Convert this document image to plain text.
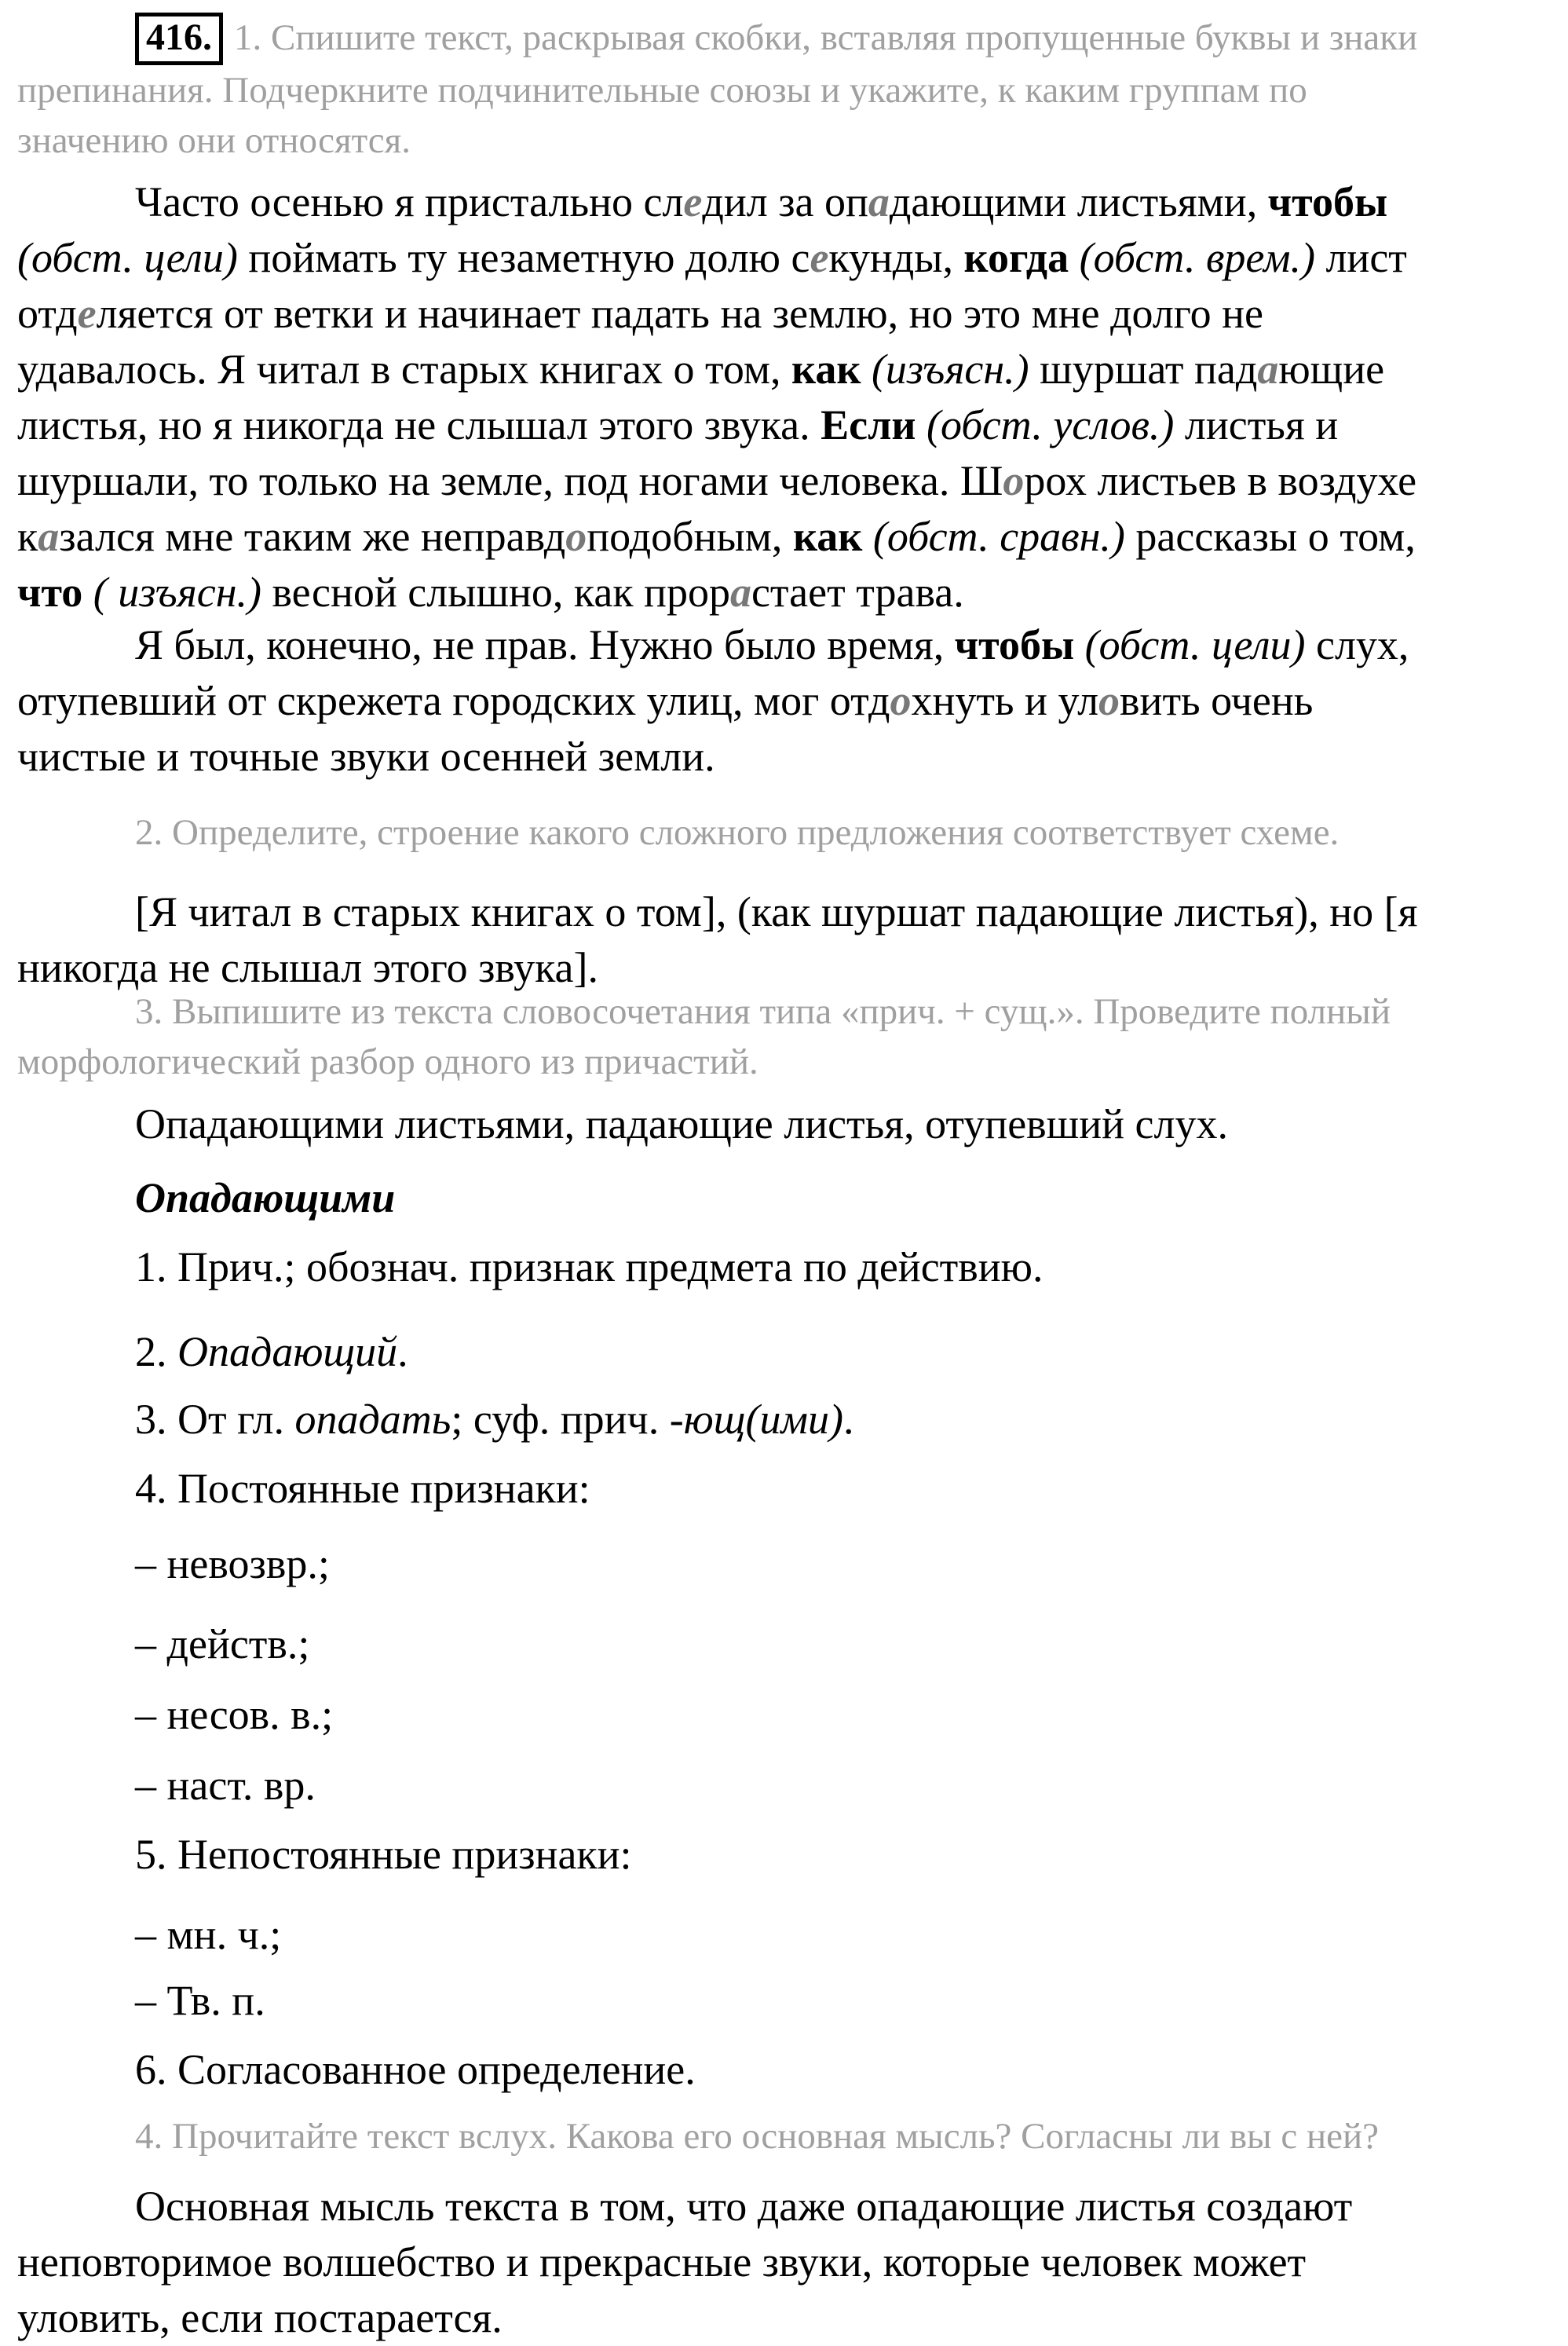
416. 1. Спишите текст, раскрывая скобки, вставляя пропущенные буквы и знаки
препинания. Подчеркните подчинительные союзы и укажите, к каким группам по
значению они относятся.
Часто осенью я пристально следил за опадающими листьями, чтобы
(обст. цели) поймать ту незаметную долю секунды, когда (обст. врем.) лист
отделяется от ветки и начинает падать на землю, но это мне долго не
удавалось. Я читал в старых книгах о том, как (изъясн.) шуршат падающие
листья, но я никогда не слышал этого звука. Если (обст. услов.) листья и
шуршали, то только на земле, под ногами человека. Шорох листьев в воздухе
казался мне таким же неправдоподобным, как (обст. сравн.) рассказы о том,
что ( изъясн.) весной слышно, как прорастает трава.
Я был, конечно, не прав. Нужно было время, чтобы (обст. цели) слух,
отупевший от скрежета городских улиц, мог отдохнуть и уловить очень
чистые и точные звуки осенней земли.
2. Определите, строение какого сложного предложения соответствует схеме.
[Я читал в старых книгах о том], (как шуршат падающие листья), но [я
никогда не слышал этого звука].
3. Выпишите из текста словосочетания типа «прич. + сущ.». Проведите полный
морфологический разбор одного из причастий.
Опадающими листьями, падающие листья, отупевший слух.
Опадающими
1. Прич.; обознач. признак предмета по действию.
2. Опадающий.
3. От гл. опадать; суф. прич. -ющ(ими).
4. Постоянные признаки:
– невозвр.;
– действ.;
– несов. в.;
– наст. вр.
5. Непостоянные признаки:
– мн. ч.;
– Тв. п.
6. Согласованное определение.
4. Прочитайте текст вслух. Какова его основная мысль? Согласны ли вы с ней?
Основная мысль текста в том, что даже опадающие листья создают
неповторимое волшебство и прекрасные звуки, которые человек может
уловить, если постарается.
